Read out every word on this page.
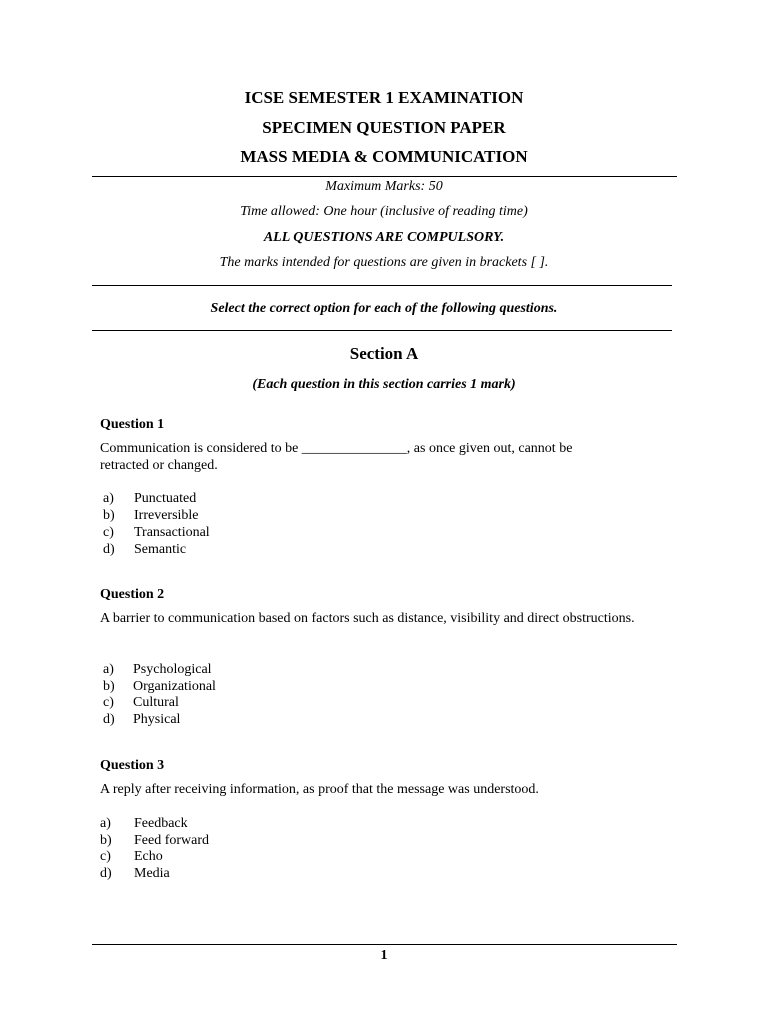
ICSE SEMESTER 1 EXAMINATION
SPECIMEN QUESTION PAPER
MASS MEDIA & COMMUNICATION
Maximum Marks: 50
Time allowed: One hour (inclusive of reading time)
ALL QUESTIONS ARE COMPULSORY.
The marks intended for questions are given in brackets [ ].
Select the correct option for each of the following questions.
Section A
(Each question in this section carries 1 mark)
Question 1
Communication is considered to be _______________, as once given out, cannot be
retracted or changed.
a) Punctuated
b) Irreversible
c) Transactional
d) Semantic
Question 2
A barrier to communication based on factors such as distance, visibility and direct obstructions.
a) Psychological
b) Organizational
c) Cultural
d) Physical
Question 3
A reply after receiving information, as proof that the message was understood.
a) Feedback
b) Feed forward
c) Echo
d) Media
1
